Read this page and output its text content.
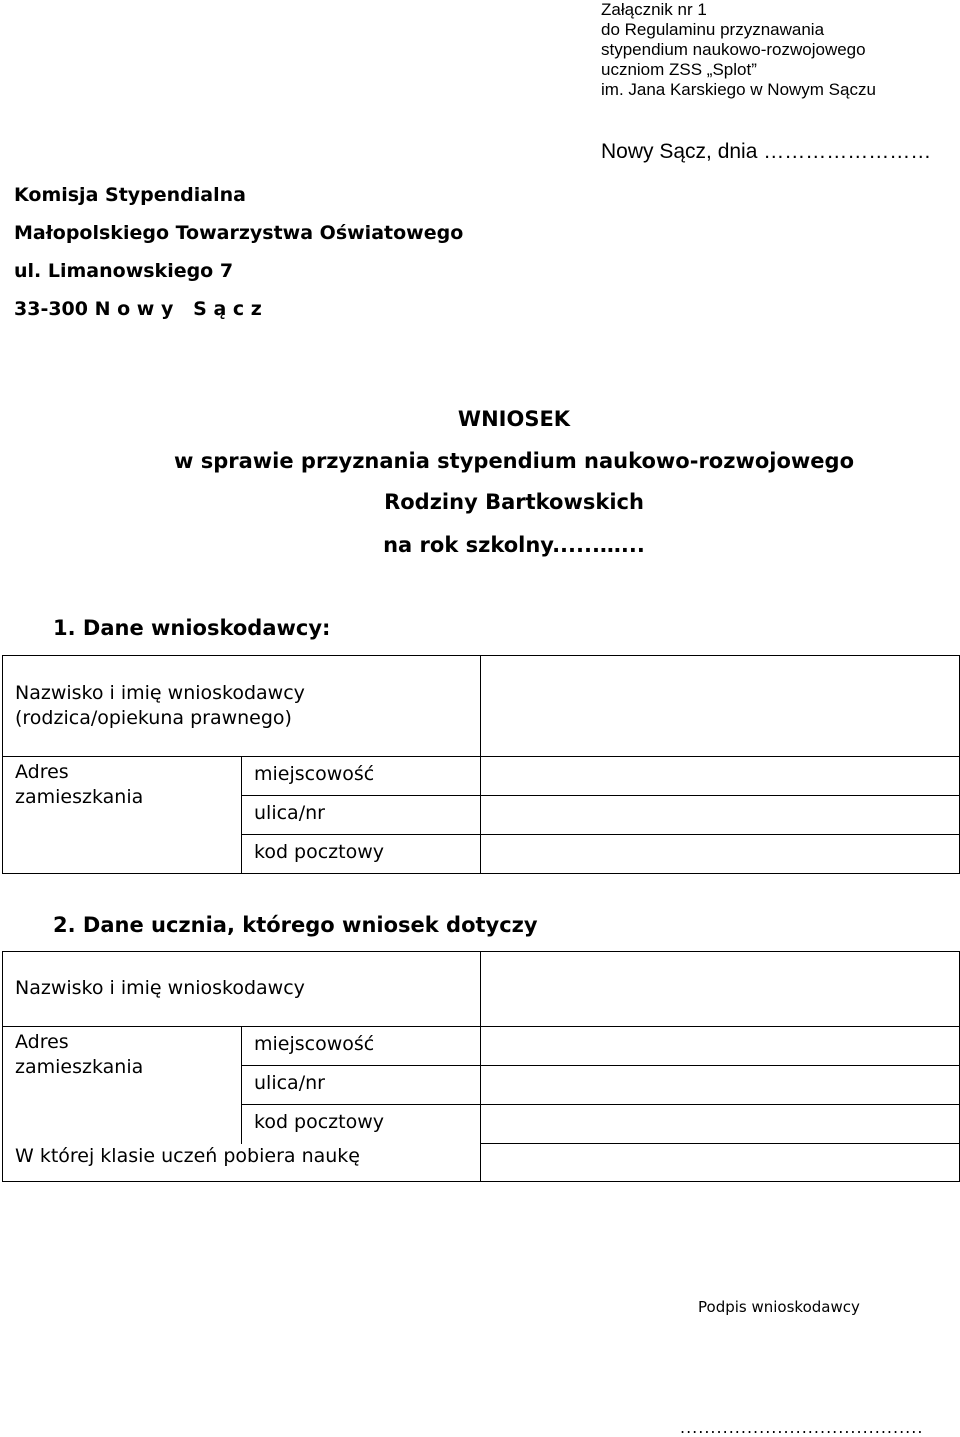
Załącznik nr 1
do Regulaminu przyznawania
stypendium naukowo-rozwojowego
uczniom ZSS „Splot”
im. Jana Karskiego w Nowym Sączu
Nowy Sącz, dnia ……………………
Komisja Stypendialna
Małopolskiego Towarzystwa Oświatowego
ul. Limanowskiego 7
33-300 N o w y   S ą c z
WNIOSEK
w sprawie przyznania stypendium naukowo-rozwojowego
Rodziny Bartkowskich
na rok szkolny......…...
1. Dane wnioskodawcy:
Nazwisko i imię wnioskodawcy
(rodzica/opiekuna prawnego)		

Adres
zamieszkania	miejscowość	

	ulica/nr	

	kod pocztowy	

2. Dane ucznia, którego wniosek dotyczy
Nazwisko i imię wnioskodawcy		

Adres
zamieszkania	miejscowość	

	ulica/nr	

	kod pocztowy	

W której klasie uczeń pobiera naukę		

Podpis wnioskodawcy
........................................
